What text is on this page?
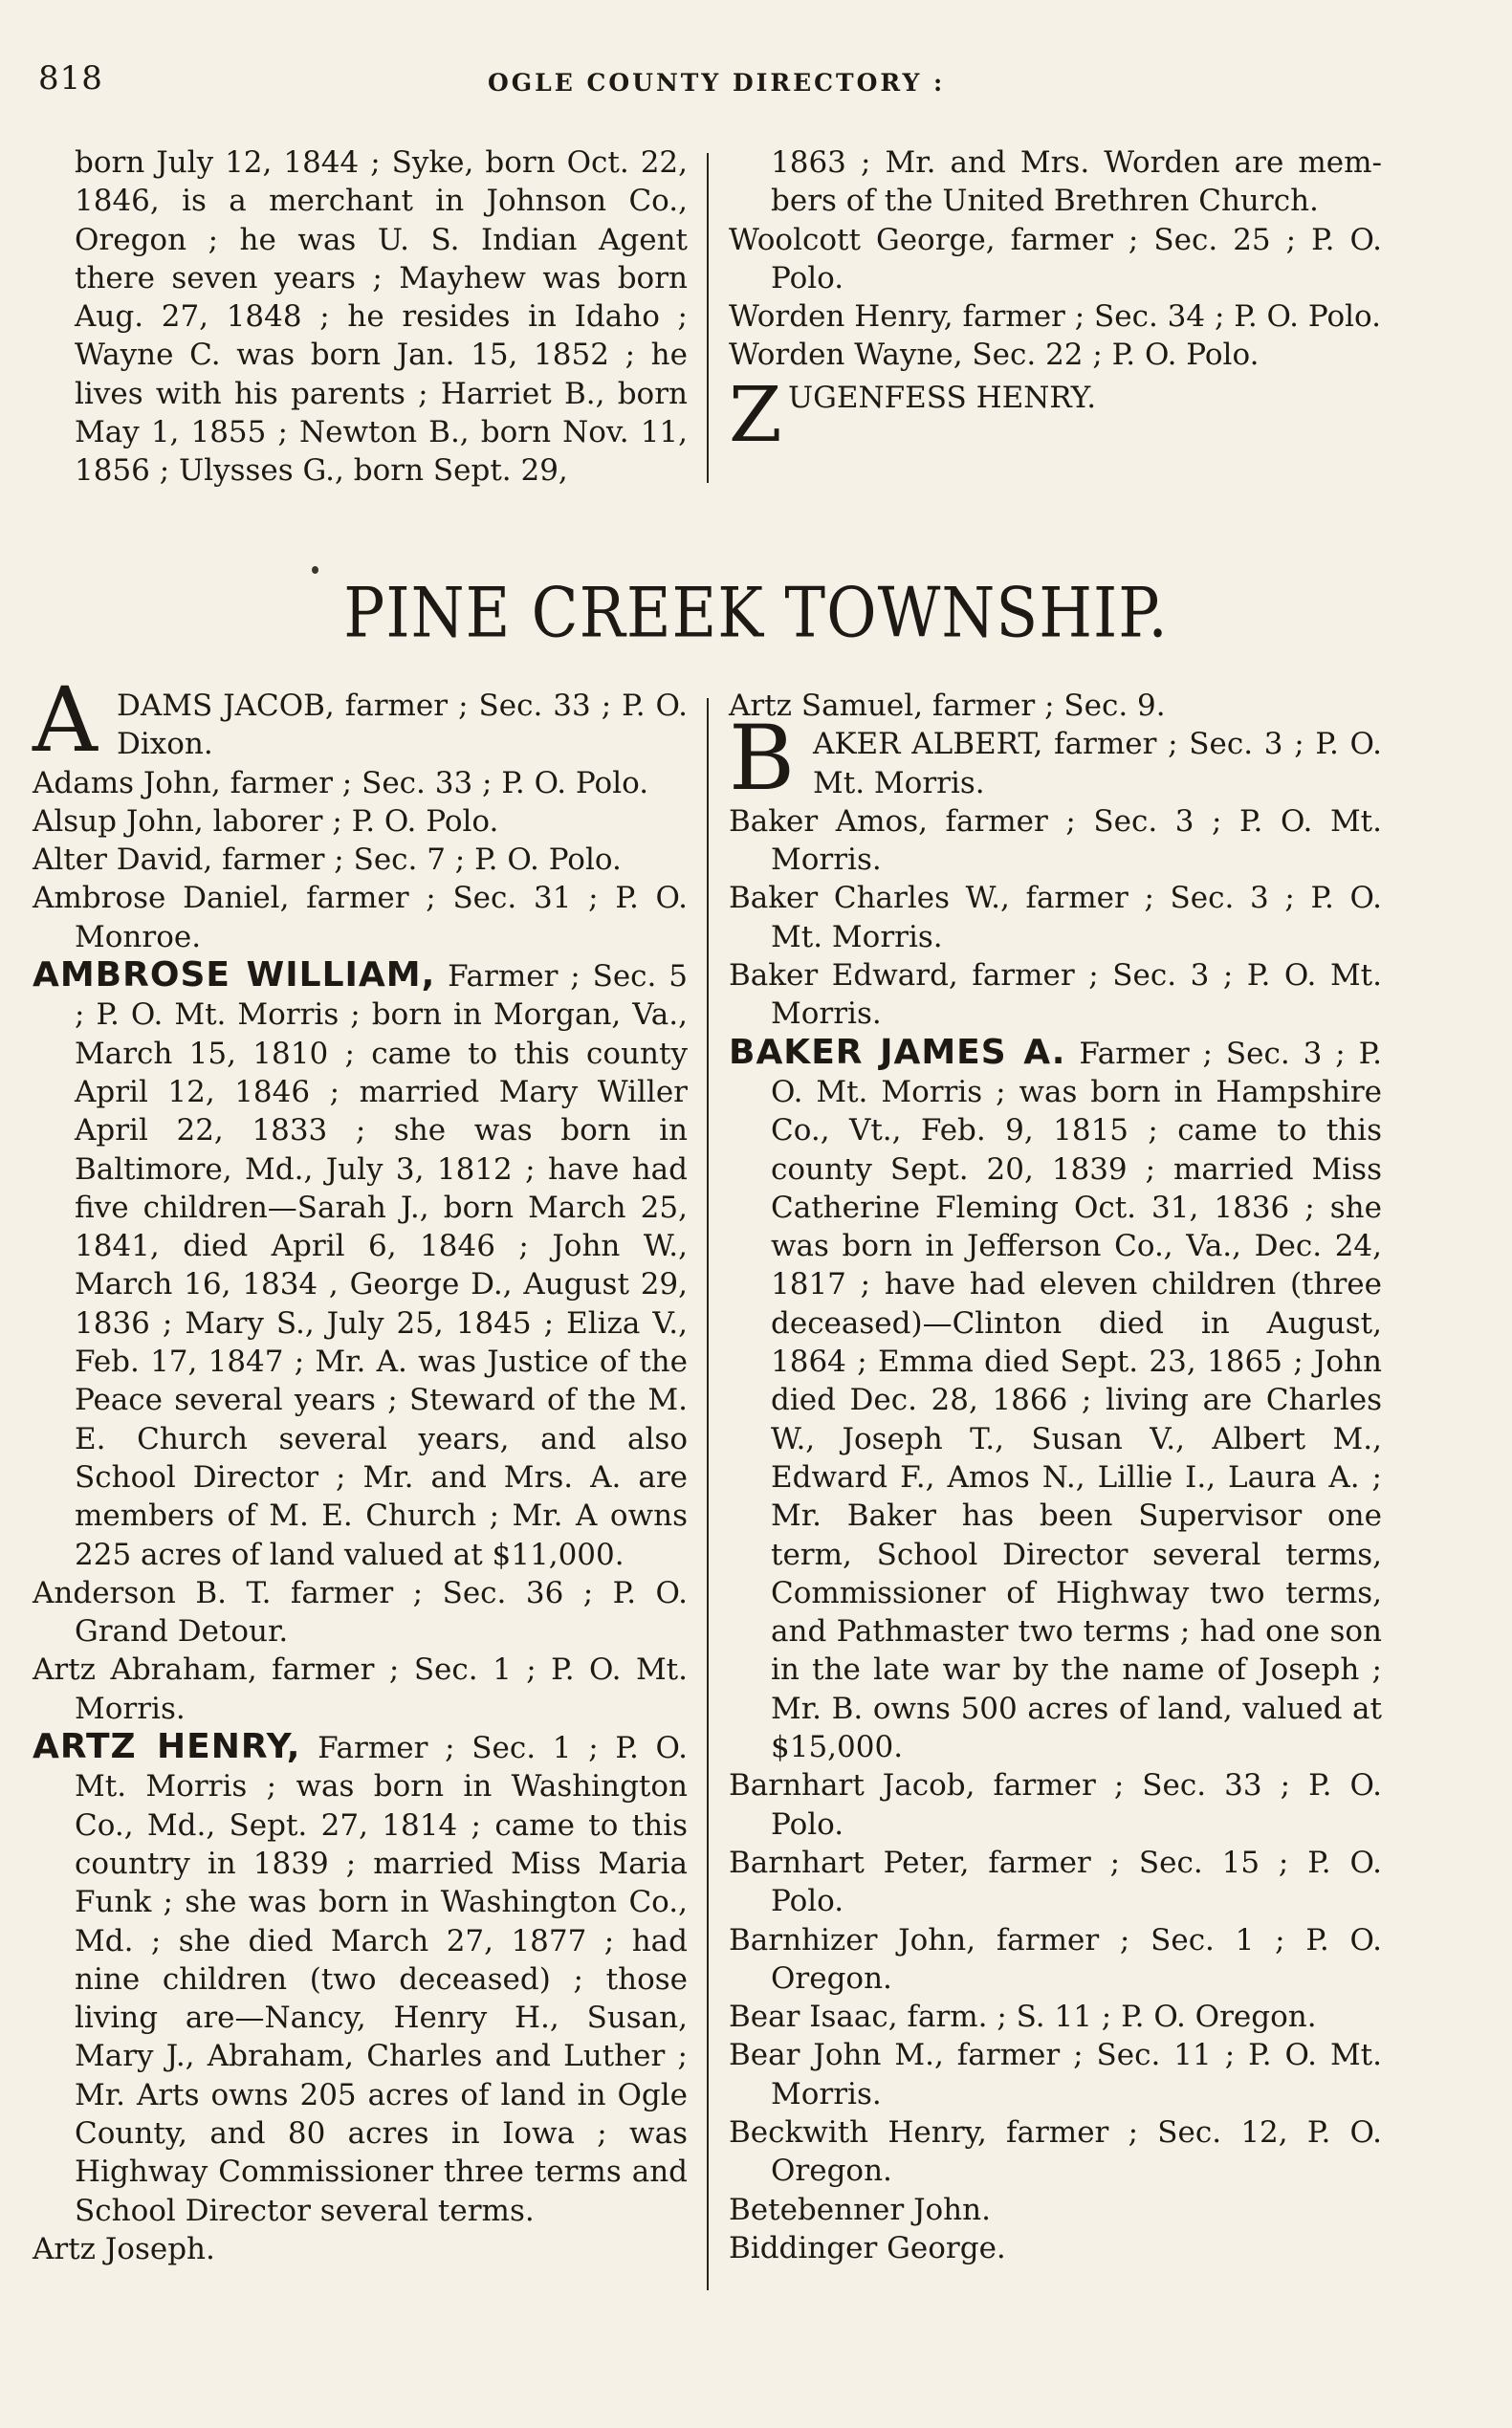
818	OGLE COUNTY DIRECTORY :

born July 12, 1844 ; Syke, born Oct. 22, 1846, is a merchant in Johnson Co., Oregon ; he was U. S. Indian Agent there seven years ; Mayhew was born Aug. 27, 1848 ; he resides in Idaho ; Wayne C. was born Jan. 15, 1852 ; he lives with his parents ; Harriet B., born May 1, 1855 ; Newton B., born Nov. 11, 1856 ; Ulysses G., born Sept. 29,

1863 ; Mr. and Mrs. Worden are mem- bers of the United Brethren Church.

Woolcott George, farmer ; Sec. 25 ; P. O. Polo.

Worden Henry, farmer ; Sec. 34 ; P. O. Polo.

Worden Wayne, Sec. 22 ; P. O. Polo.

Z UGENFESS HENRY.

PINE CREEK TOWNSHIP.

A DAMS JACOB, farmer ; Sec. 33 ; P. O. Dixon.

Adams John, farmer ; Sec. 33 ; P. O. Polo.

Alsup John, laborer ; P. O. Polo.

Alter David, farmer ; Sec. 7 ; P. O. Polo.

Ambrose Daniel, farmer ; Sec. 31 ; P. O. Monroe.

AMBROSE WILLIAM, Farmer ; Sec. 5 ; P. O. Mt. Morris ; born in Morgan, Va., March 15, 1810 ; came to this county April 12, 1846 ; married Mary Willer April 22, 1833 ; she was born in Baltimore, Md., July 3, 1812 ; have had five children—Sarah J., born March 25, 1841, died April 6, 1846 ; John W., March 16, 1834 , George D., August 29, 1836 ; Mary S., July 25, 1845 ; Eliza V., Feb. 17, 1847 ; Mr. A. was Justice of the Peace several years ; Steward of the M. E. Church several years, and also School Director ; Mr. and Mrs. A. are members of M. E. Church ; Mr. A owns 225 acres of land valued at $11,000.

Anderson B. T. farmer ; Sec. 36 ; P. O. Grand Detour.

Artz Abraham, farmer ; Sec. 1 ; P. O. Mt. Morris.

ARTZ HENRY, Farmer ; Sec. 1 ; P. O. Mt. Morris ; was born in Washington Co., Md., Sept. 27, 1814 ; came to this country in 1839 ; married Miss Maria Funk ; she was born in Washington Co., Md. ; she died March 27, 1877 ; had nine children (two deceased) ; those living are—Nancy, Henry H., Susan, Mary J., Abraham, Charles and Luther ; Mr. Arts owns 205 acres of land in Ogle County, and 80 acres in Iowa ; was Highway Commissioner three terms and School Director several terms.

Artz Joseph.

Artz Samuel, farmer ; Sec. 9.

B AKER ALBERT, farmer ; Sec. 3 ; P. O. Mt. Morris.

Baker Amos, farmer ; Sec. 3 ; P. O. Mt. Morris.

Baker Charles W., farmer ; Sec. 3 ; P. O. Mt. Morris.

Baker Edward, farmer ; Sec. 3 ; P. O. Mt. Morris.

BAKER JAMES A. Farmer ; Sec. 3 ; P. O. Mt. Morris ; was born in Hampshire Co., Vt., Feb. 9, 1815 ; came to this county Sept. 20, 1839 ; married Miss Catherine Fleming Oct. 31, 1836 ; she was born in Jefferson Co., Va., Dec. 24, 1817 ; have had eleven children (three deceased)—Clinton died in August, 1864 ; Emma died Sept. 23, 1865 ; John died Dec. 28, 1866 ; living are Charles W., Joseph T., Susan V., Albert M., Edward F., Amos N., Lillie I., Laura A. ; Mr. Baker has been Supervisor one term, School Director several terms, Commissioner of Highway two terms, and Pathmaster two terms ; had one son in the late war by the name of Joseph ; Mr. B. owns 500 acres of land, valued at $15,000.

Barnhart Jacob, farmer ; Sec. 33 ; P. O. Polo.

Barnhart Peter, farmer ; Sec. 15 ; P. O. Polo.

Barnhizer John, farmer ; Sec. 1 ; P. O. Oregon.

Bear Isaac, farm. ; S. 11 ; P. O. Oregon.

Bear John M., farmer ; Sec. 11 ; P. O. Mt. Morris.

Beckwith Henry, farmer ; Sec. 12, P. O. Oregon.

Betebenner John.

Biddinger George.
